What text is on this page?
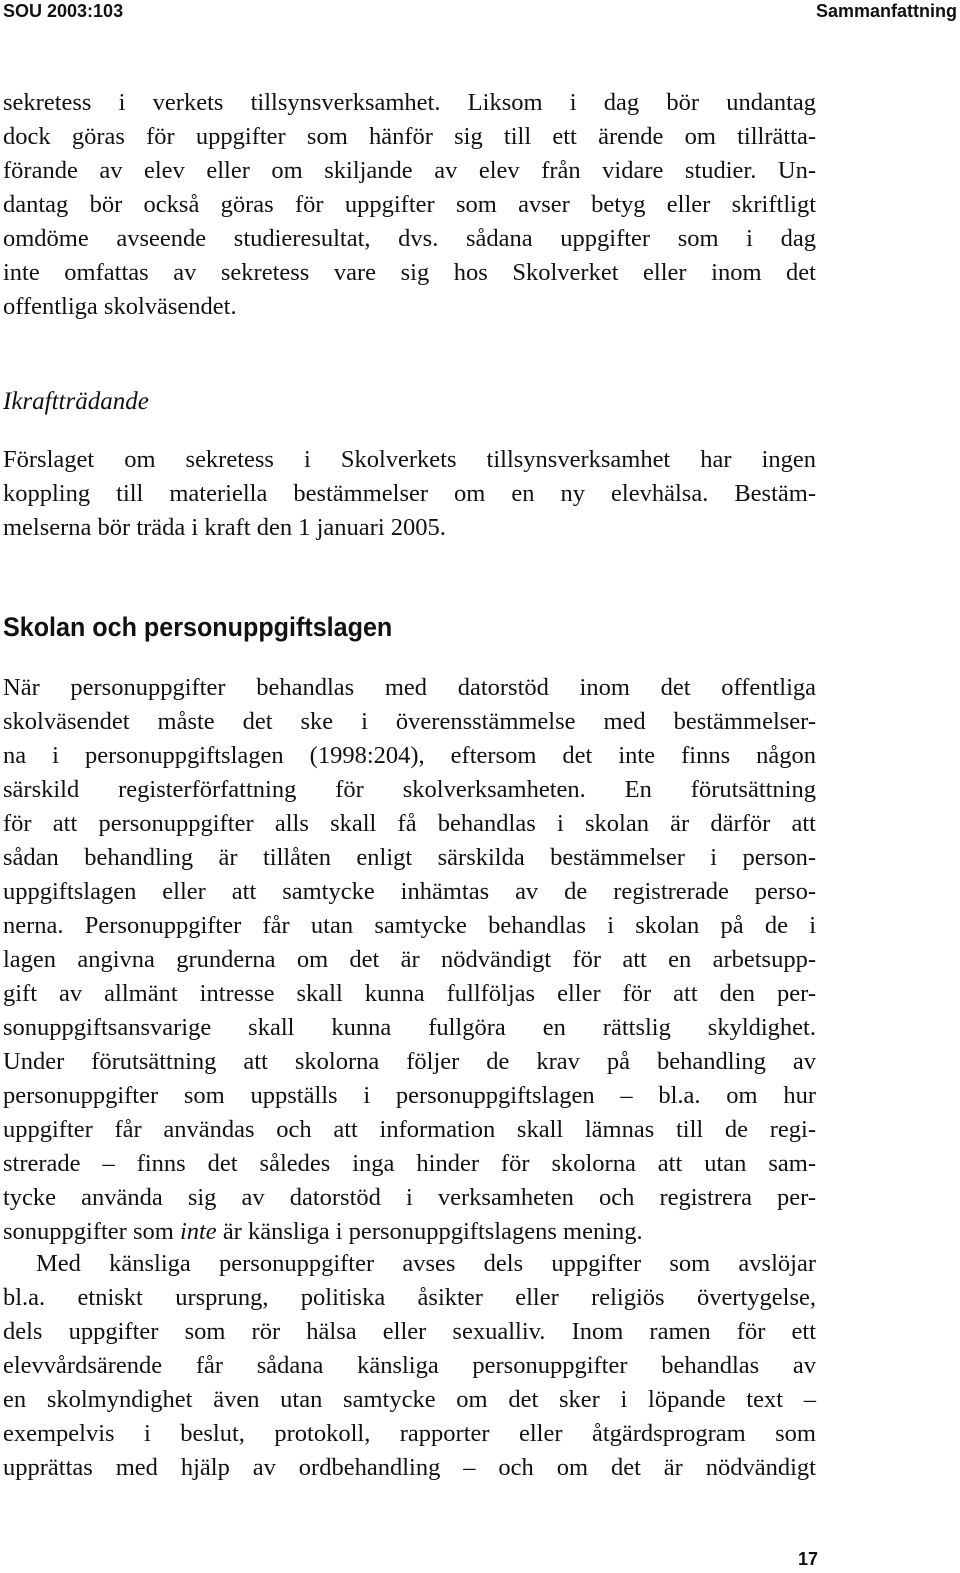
SOU 2003:103	Sammanfattning
sekretess i verkets tillsynsverksamhet. Liksom i dag bör undantag
dock göras för uppgifter som hänför sig till ett ärende om tillrätta-
förande av elev eller om skiljande av elev från vidare studier. Un-
dantag bör också göras för uppgifter som avser betyg eller skriftligt
omdöme avseende studieresultat, dvs. sådana uppgifter som i dag
inte omfattas av sekretess vare sig hos Skolverket eller inom det
offentliga skolväsendet.
Ikraftträdande
Förslaget om sekretess i Skolverkets tillsynsverksamhet har ingen
koppling till materiella bestämmelser om en ny elevhälsa. Bestäm-
melserna bör träda i kraft den 1 januari 2005.
Skolan och personuppgiftslagen
När personuppgifter behandlas med datorstöd inom det offentliga
skolväsendet måste det ske i överensstämmelse med bestämmelser-
na i personuppgiftslagen (1998:204), eftersom det inte finns någon
särskild registerförfattning för skolverksamheten. En förutsättning
för att personuppgifter alls skall få behandlas i skolan är därför att
sådan behandling är tillåten enligt särskilda bestämmelser i person-
uppgiftslagen eller att samtycke inhämtas av de registrerade perso-
nerna. Personuppgifter får utan samtycke behandlas i skolan på de i
lagen angivna grunderna om det är nödvändigt för att en arbetsupp-
gift av allmänt intresse skall kunna fullföljas eller för att den per-
sonuppgiftsansvarige skall kunna fullgöra en rättslig skyldighet.
Under förutsättning att skolorna följer de krav på behandling av
personuppgifter som uppställs i personuppgiftslagen – bl.a. om hur
uppgifter får användas och att information skall lämnas till de regi-
strerade – finns det således inga hinder för skolorna att utan sam-
tycke använda sig av datorstöd i verksamheten och registrera per-
sonuppgifter som inte är känsliga i personuppgiftslagens mening.
Med känsliga personuppgifter avses dels uppgifter som avslöjar
bl.a. etniskt ursprung, politiska åsikter eller religiös övertygelse,
dels uppgifter som rör hälsa eller sexualliv. Inom ramen för ett
elevvårdsärende får sådana känsliga personuppgifter behandlas av
en skolmyndighet även utan samtycke om det sker i löpande text –
exempelvis i beslut, protokoll, rapporter eller åtgärdsprogram som
upprättas med hjälp av ordbehandling – och om det är nödvändigt
17
